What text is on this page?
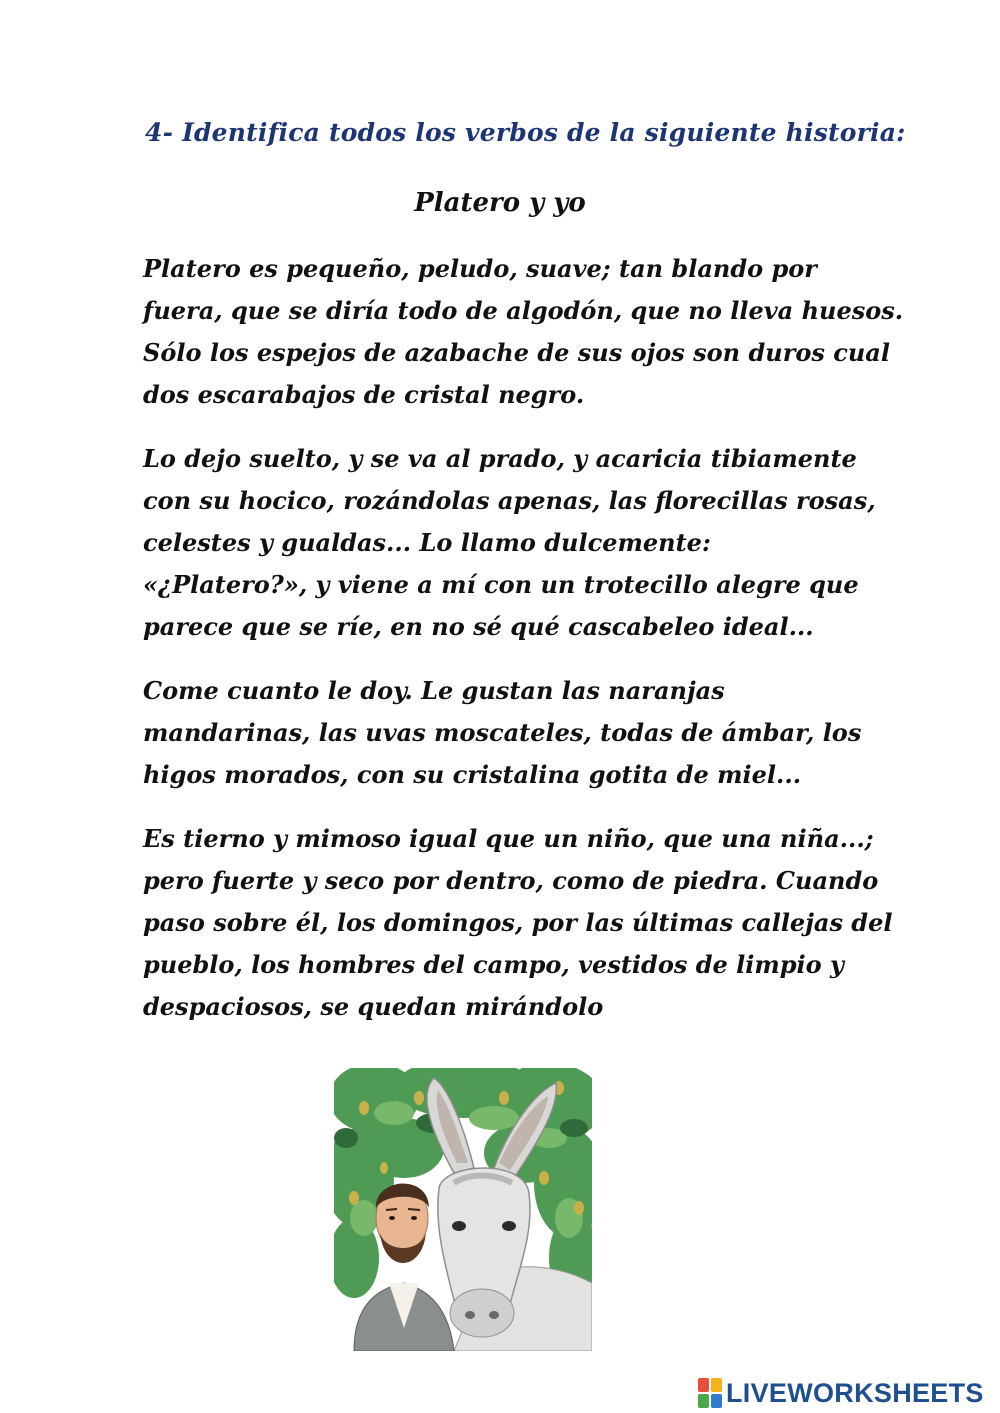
4- Identifica todos los verbos de la siguiente historia:
Platero y yo

Platero es pequeño, peludo, suave; tan blando por
fuera, que se diría todo de algodón, que no lleva huesos.
Sólo los espejos de azabache de sus ojos son duros cual
dos escarabajos de cristal negro.

Lo dejo suelto, y se va al prado, y acaricia tibiamente
con su hocico, rozándolas apenas, las florecillas rosas,
celestes y gualdas... Lo llamo dulcemente:
«¿Platero?», y viene a mí con un trotecillo alegre que
parece que se ríe, en no sé qué cascabeleo ideal...

Come cuanto le doy. Le gustan las naranjas
mandarinas, las uvas moscateles, todas de ámbar, los
higos morados, con su cristalina gotita de miel...

Es tierno y mimoso igual que un niño, que una niña...;
pero fuerte y seco por dentro, como de piedra. Cuando
paso sobre él, los domingos, por las últimas callejas del
pueblo, los hombres del campo, vestidos de limpio y
despaciosos, se quedan mirándolo

LIVEWORKSHEETS
